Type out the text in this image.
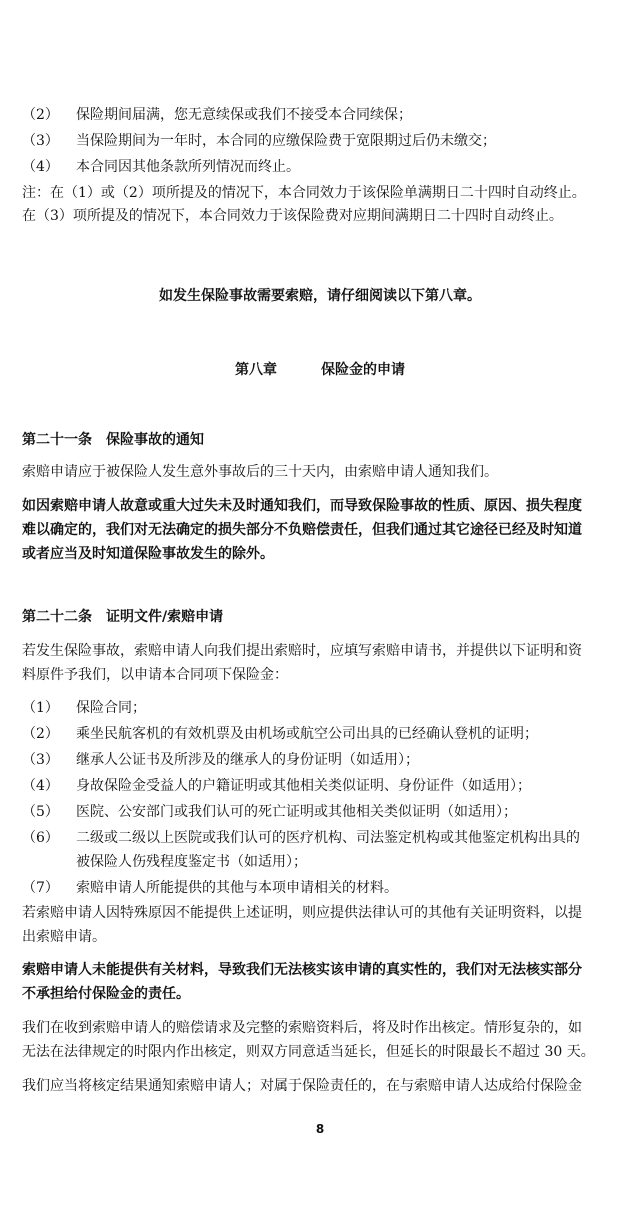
（2） 保险期间届满，您无意续保或我们不接受本合同续保；
（3） 当保险期间为一年时，本合同的应缴保险费于宽限期过后仍未缴交；
（4） 本合同因其他条款所列情况而终止。
注：在（1）或（2）项所提及的情况下，本合同效力于该保险单满期日二十四时自动终止。
在（3）项所提及的情况下，本合同效力于该保险费对应期间满期日二十四时自动终止。
如发生保险事故需要索赔，请仔细阅读以下第八章。
第八章	保险金的申请
第二十一条　保险事故的通知
索赔申请应于被保险人发生意外事故后的三十天内，由索赔申请人通知我们。
如因索赔申请人故意或重大过失未及时通知我们，而导致保险事故的性质、原因、损失程度
难以确定的，我们对无法确定的损失部分不负赔偿责任，但我们通过其它途径已经及时知道
或者应当及时知道保险事故发生的除外。
第二十二条　证明文件/索赔申请
若发生保险事故，索赔申请人向我们提出索赔时，应填写索赔申请书，并提供以下证明和资
料原件予我们，以申请本合同项下保险金：
（1） 保险合同；
（2） 乘坐民航客机的有效机票及由机场或航空公司出具的已经确认登机的证明；
（3） 继承人公证书及所涉及的继承人的身份证明（如适用）；
（4） 身故保险金受益人的户籍证明或其他相关类似证明、身份证件（如适用）；
（5） 医院、公安部门或我们认可的死亡证明或其他相关类似证明（如适用）；
（6） 二级或二级以上医院或我们认可的医疗机构、司法鉴定机构或其他鉴定机构出具的
被保险人伤残程度鉴定书（如适用）；
（7） 索赔申请人所能提供的其他与本项申请相关的材料。
若索赔申请人因特殊原因不能提供上述证明，则应提供法律认可的其他有关证明资料，以提
出索赔申请。
索赔申请人未能提供有关材料，导致我们无法核实该申请的真实性的，我们对无法核实部分
不承担给付保险金的责任。
我们在收到索赔申请人的赔偿请求及完整的索赔资料后，将及时作出核定。情形复杂的，如
无法在法律规定的时限内作出核定，则双方同意适当延长，但延长的时限最长不超过 30 天。
我们应当将核定结果通知索赔申请人；对属于保险责任的，在与索赔申请人达成给付保险金
8
